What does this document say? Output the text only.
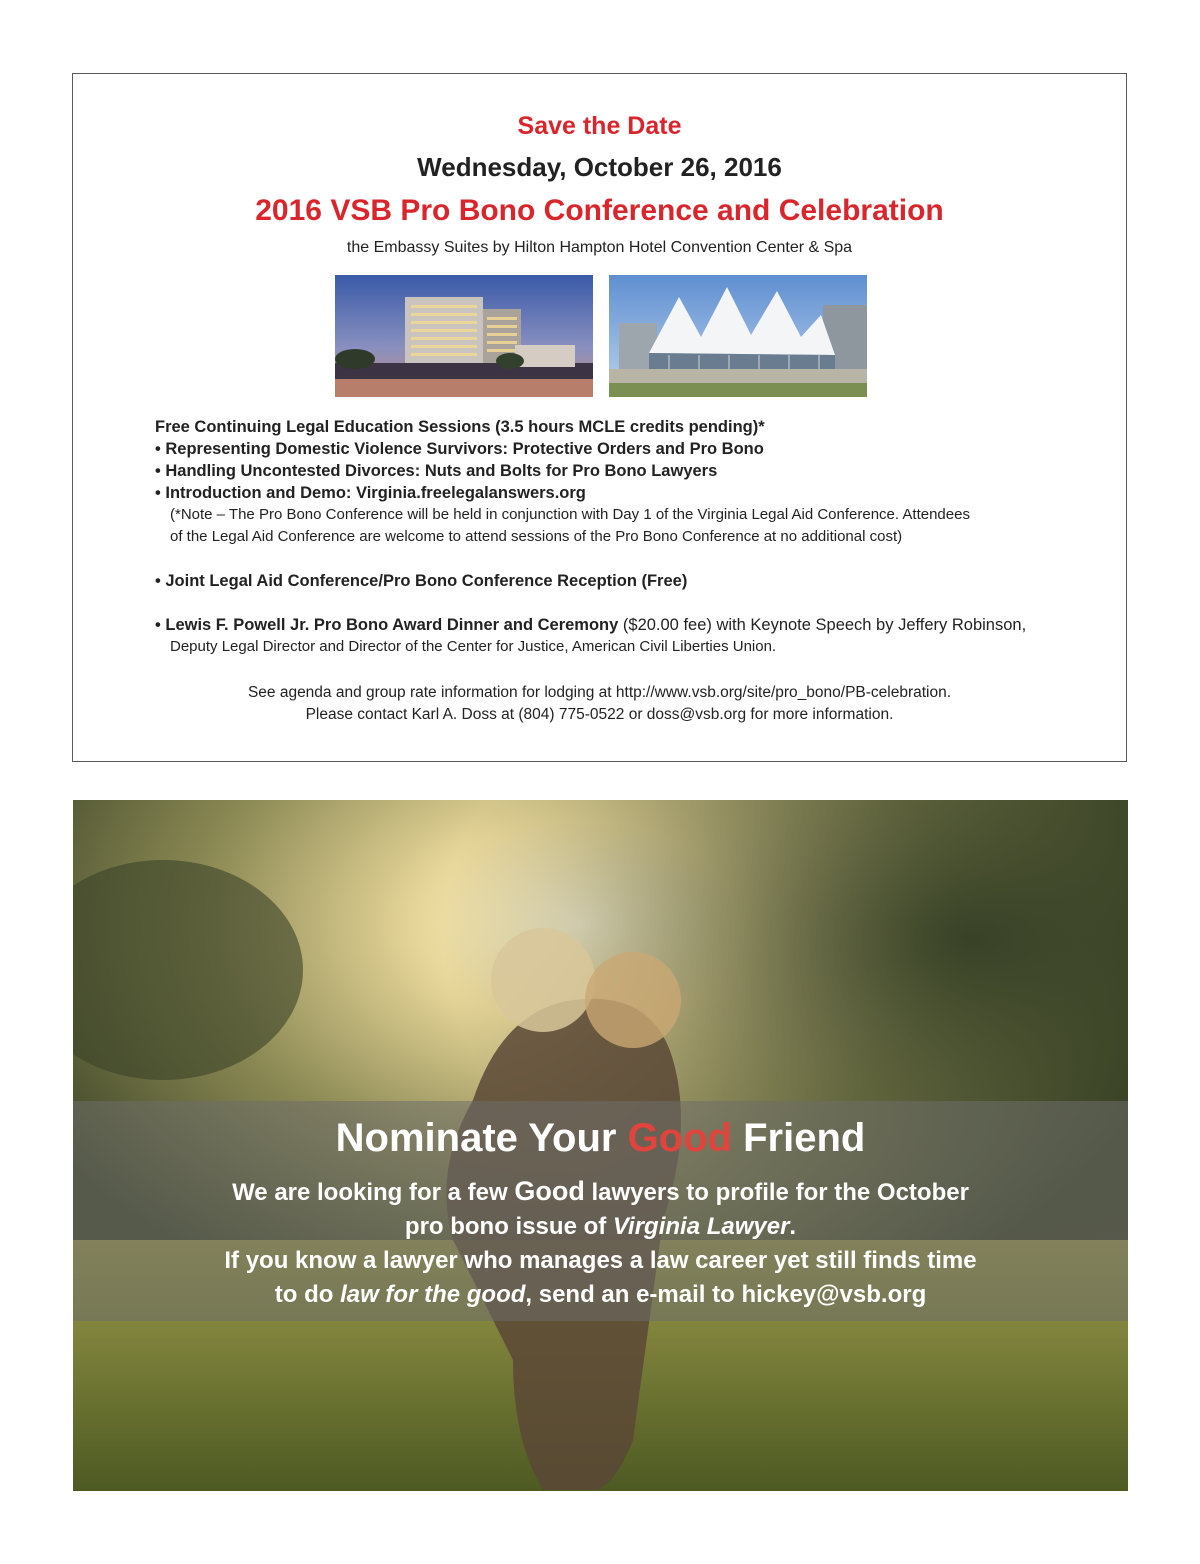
Save the Date
Wednesday, October 26, 2016
2016 VSB Pro Bono Conference and Celebration
the Embassy Suites by Hilton Hampton Hotel Convention Center & Spa
Free Continuing Legal Education Sessions (3.5 hours MCLE credits pending)*
• Representing Domestic Violence Survivors: Protective Orders and Pro Bono
• Handling Uncontested Divorces: Nuts and Bolts for Pro Bono Lawyers
• Introduction and Demo: Virginia.freelegalanswers.org
(*Note – The Pro Bono Conference will be held in conjunction with Day 1 of the Virginia Legal Aid Conference. Attendees
of the Legal Aid Conference are welcome to attend sessions of the Pro Bono Conference at no additional cost)
• Joint Legal Aid Conference/Pro Bono Conference Reception (Free)
• Lewis F. Powell Jr. Pro Bono Award Dinner and Ceremony ($20.00 fee) with Keynote Speech by Jeffery Robinson,
Deputy Legal Director and Director of the Center for Justice, American Civil Liberties Union.
See agenda and group rate information for lodging at http://www.vsb.org/site/pro_bono/PB-celebration.
Please contact Karl A. Doss at (804) 775-0522 or doss@vsb.org for more information.
Nominate Your Good Friend
We are looking for a few Good lawyers to profile for the October
pro bono issue of Virginia Lawyer.
If you know a lawyer who manages a law career yet still finds time
to do law for the good, send an e-mail to hickey@vsb.org
